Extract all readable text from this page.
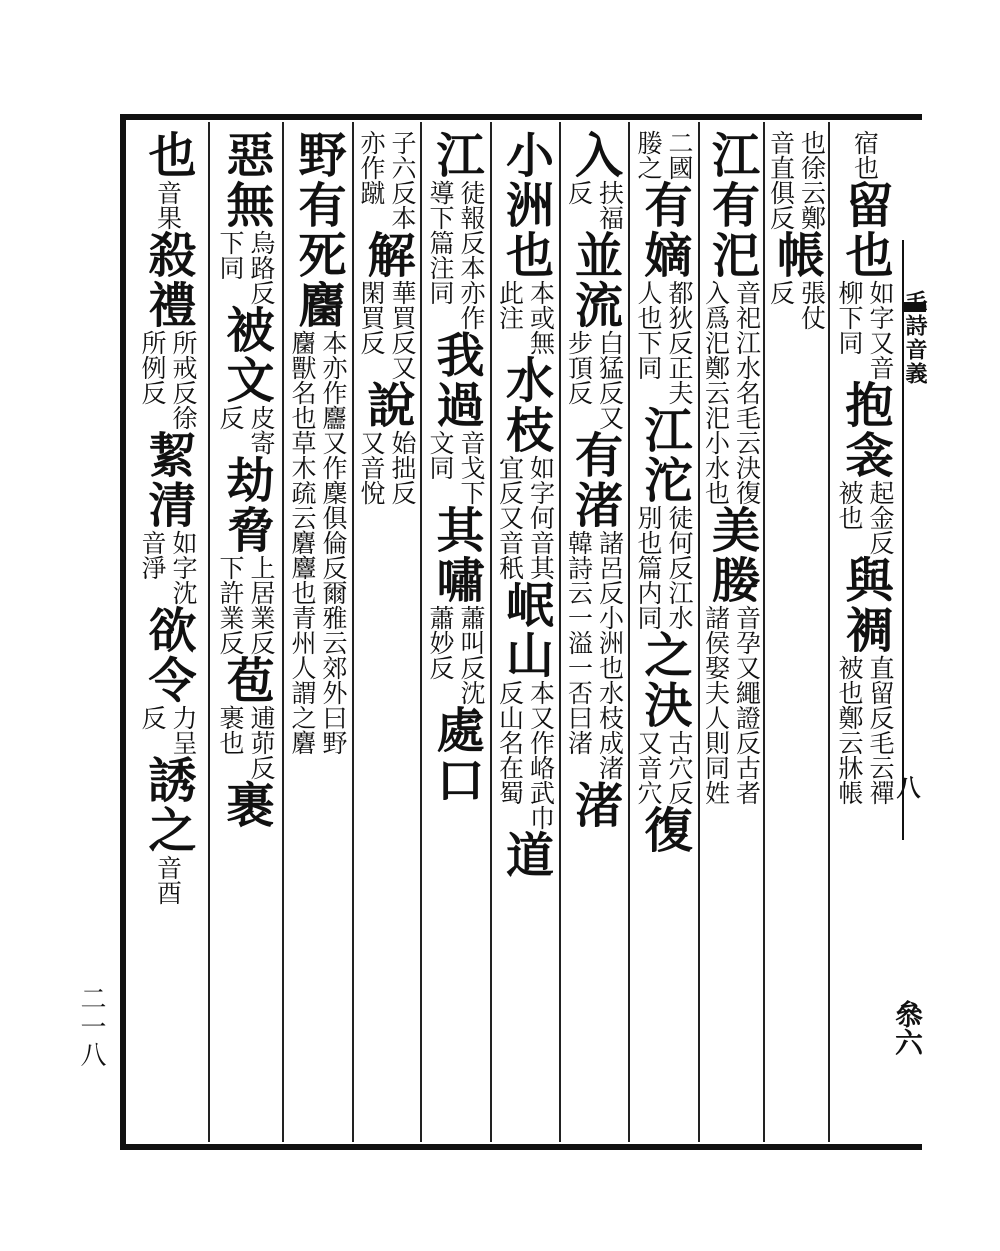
毛詩音義
八
叅六
二一八
宿也
留也
如字又音
柳下同
抱衾
起金反
被也
與裯
直留反毛云禪
被也鄭云牀帳
也徐云鄭
音直俱反
帳
張仗
反
江有汜
音祀江水名毛云決復
入爲汜鄭云汜小水也
美媵
音孕又繩證反古者
諸侯娶夫人則同姓
二國
媵之
有嫡
都狄反正夫
人也下同
江沱
徒何反江水
別也篇内同
之決
古穴反
又音穴
復
入
扶福
反
並流
白猛反又
步頂反
有渚
諸呂反小洲也水枝成渚
韓詩云一溢一否曰渚
渚
小洲也
本或無
此注
水枝
如字何音其
宜反又音秖
岷山
本又作峈武巾
反山名在蜀
道
江
徒報反本亦作
導下篇注同
我過
音戈下
文同
其嘯
蕭叫反沈
蕭妙反
處口
子六反本
亦作蹴
解
華買反又
閑買反
說
始拙反
又音悅
野有死麕
本亦作麢又作麇俱倫反爾雅云郊外曰野
麕獸名也草木疏云麏麞也青州人謂之麏
惡無
烏路反
下同
被文
皮寄
反
劫脅
上居業反
下許業反
苞
逋茆反
裹也
裹
也
音果
殺禮
所戒反徐
所例反
絜清
如字沈
音淨
欲令
力呈
反
誘之
音酉
